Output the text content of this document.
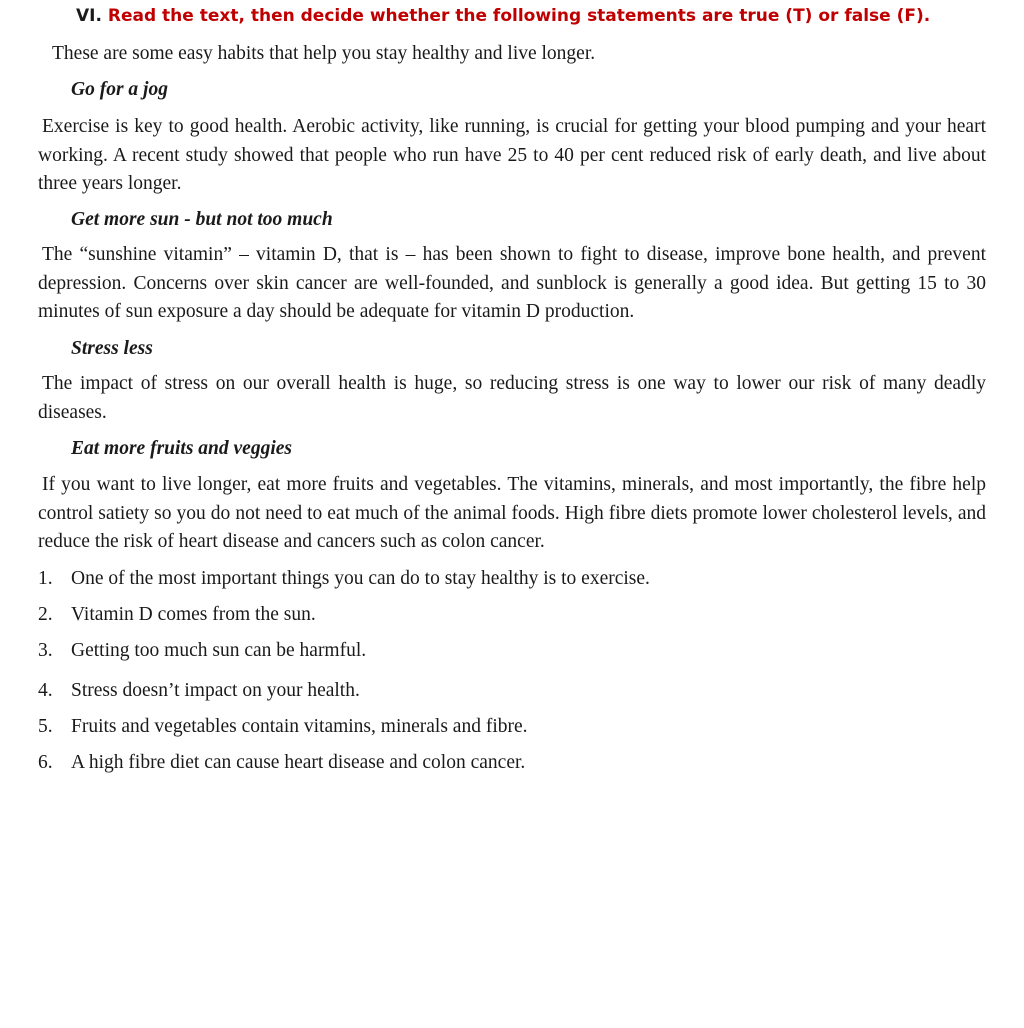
VI. Read the text, then decide whether the following statements are true (T) or false (F).
These are some easy habits that help you stay healthy and live longer.
Go for a jog

Exercise is key to good health. Aerobic activity, like running, is crucial for getting your blood pumping and your heart working. A recent study showed that people who run have 25 to 40 per cent reduced risk of early death, and live about three years longer.

Get more sun - but not too much

The “sunshine vitamin” – vitamin D, that is – has been shown to fight to disease, improve bone health, and prevent depression. Concerns over skin cancer are well-founded, and sunblock is generally a good idea. But getting 15 to 30 minutes of sun exposure a day should be adequate for vitamin D production.

Stress less

The impact of stress on our overall health is huge, so reducing stress is one way to lower our risk of many deadly diseases.

Eat more fruits and veggies

If you want to live longer, eat more fruits and vegetables. The vitamins, minerals, and most importantly, the fibre help control satiety so you do not need to eat much of the animal foods. High fibre diets promote lower cholesterol levels, and reduce the risk of heart disease and cancers such as colon cancer.

1. One of the most important things you can do to stay healthy is to exercise.
2. Vitamin D comes from the sun.
3. Getting too much sun can be harmful.
4. Stress doesn’t impact on your health.
5. Fruits and vegetables contain vitamins, minerals and fibre.
6. A high fibre diet can cause heart disease and colon cancer.
